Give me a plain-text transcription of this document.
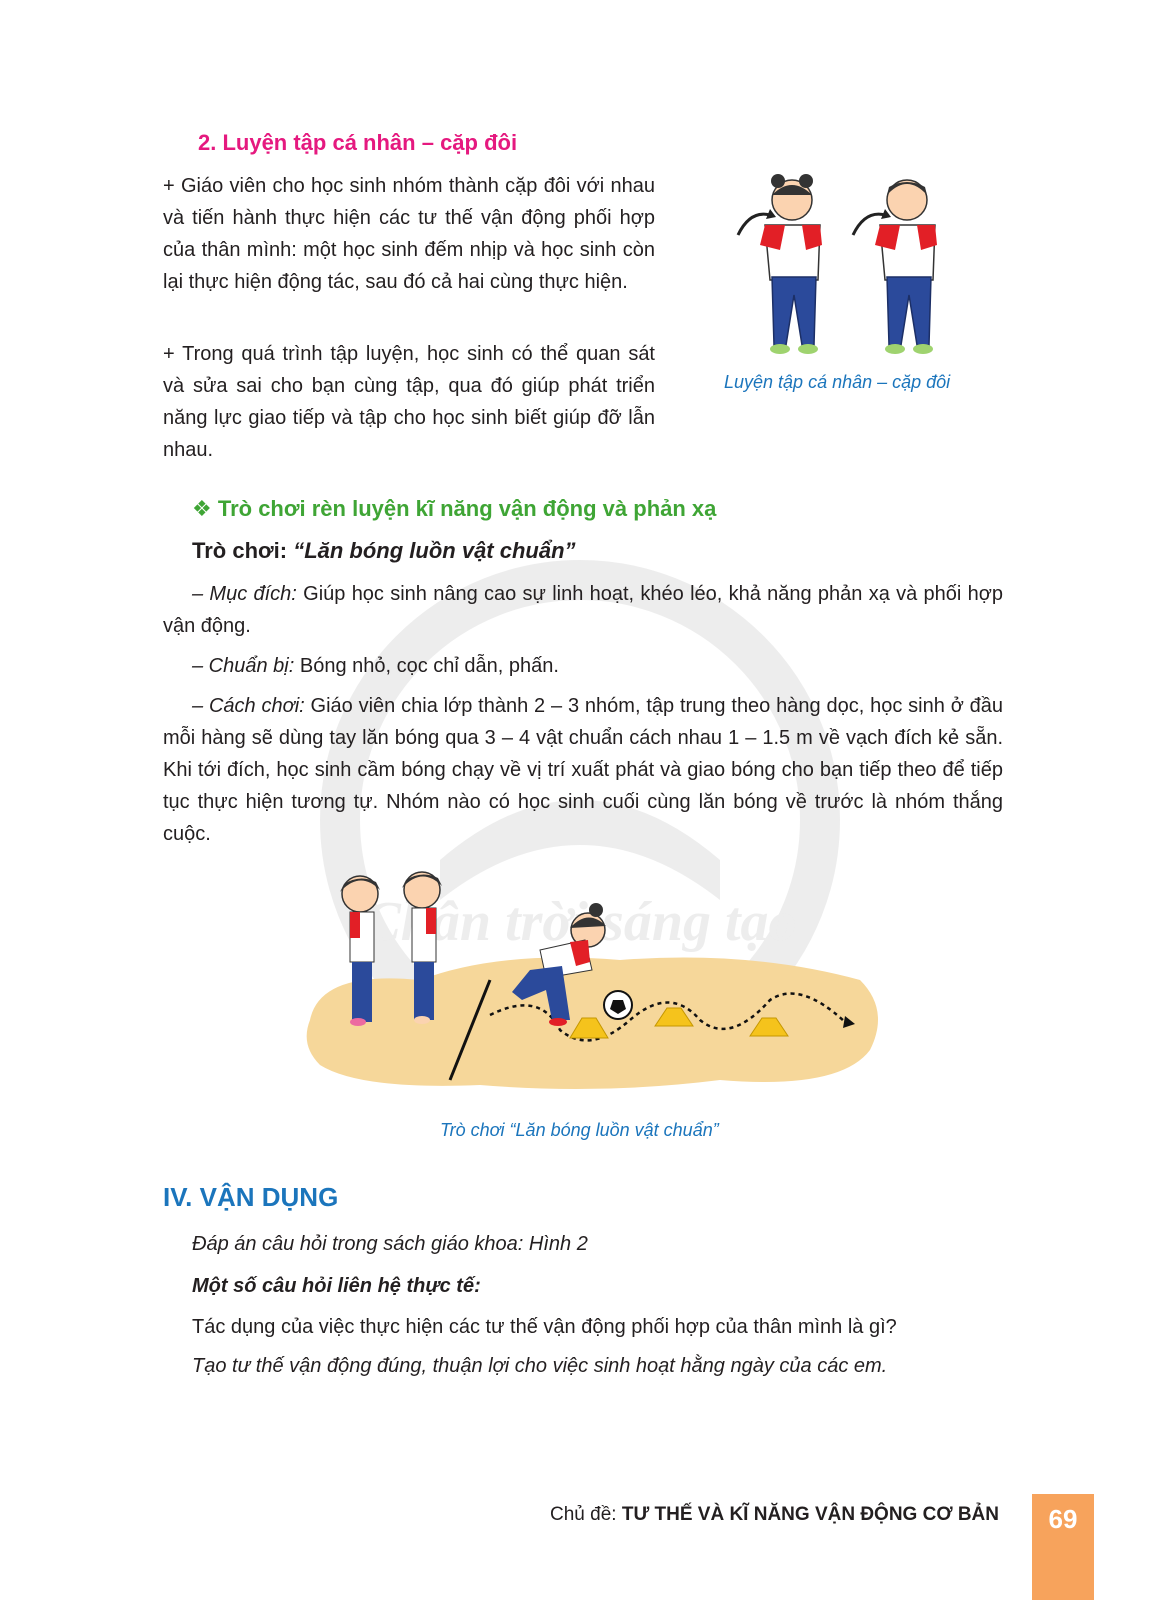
trời sáng tạo
2. Luyện tập cá nhân – cặp đôi

+ Giáo viên cho học sinh nhóm thành cặp đôi với nhau và tiến hành thực hiện các tư thế vận động phối hợp của thân mình: một học sinh đếm nhịp và học sinh còn lại thực hiện động tác, sau đó cả hai cùng thực hiện.

+ Trong quá trình tập luyện, học sinh có thể quan sát và sửa sai cho bạn cùng tập, qua đó giúp phát triển năng lực giao tiếp và tập cho học sinh biết giúp đỡ lẫn nhau.

Luyện tập cá nhân – cặp đôi
❖ Trò chơi rèn luyện kĩ năng vận động và phản xạ
Trò chơi: “Lăn bóng luồn vật chuẩn”

– Mục đích: Giúp học sinh nâng cao sự linh hoạt, khéo léo, khả năng phản xạ và phối hợp vận động.

– Chuẩn bị: Bóng nhỏ, cọc chỉ dẫn, phấn.

– Cách chơi: Giáo viên chia lớp thành 2 – 3 nhóm, tập trung theo hàng dọc, học sinh ở đầu mỗi hàng sẽ dùng tay lăn bóng qua 3 – 4 vật chuẩn cách nhau 1 – 1.5 m về vạch đích kẻ sẵn. Khi tới đích, học sinh cầm bóng chạy về vị trí xuất phát và giao bóng cho bạn tiếp theo để tiếp tục thực hiện tương tự. Nhóm nào có học sinh cuối cùng lăn bóng về trước là nhóm thắng cuộc.

Trò chơi “Lăn bóng luồn vật chuẩn”
IV. VẬN DỤNG

Đáp án câu hỏi trong sách giáo khoa: Hình 2

Một số câu hỏi liên hệ thực tế:

Tác dụng của việc thực hiện các tư thế vận động phối hợp của thân mình là gì?

Tạo tư thế vận động đúng, thuận lợi cho việc sinh hoạt hằng ngày của các em.

Chủ đề: TƯ THẾ VÀ KĨ NĂNG VẬN ĐỘNG CƠ BẢN	69
